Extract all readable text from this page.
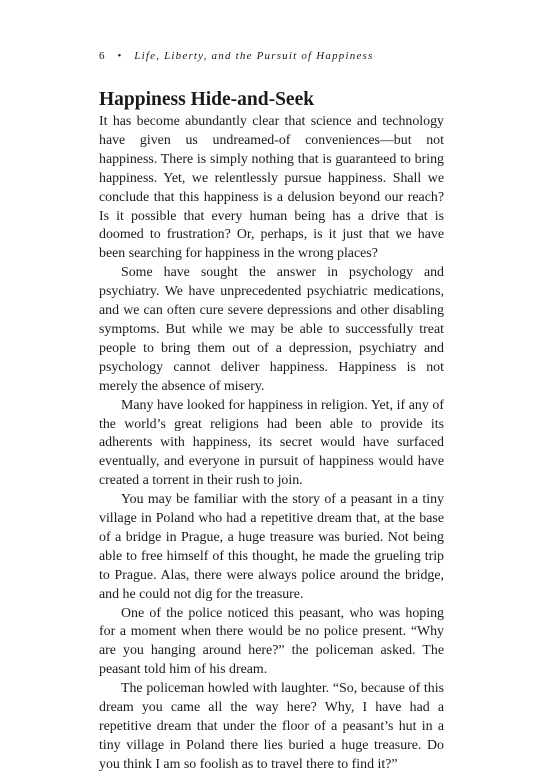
6 • Life, Liberty, and the Pursuit of Happiness
Happiness Hide-and-Seek

It has become abundantly clear that science and technology have given us undreamed-of conveniences—but not happiness. There is simply nothing that is guaranteed to bring happiness. Yet, we relentlessly pursue happiness. Shall we conclude that this happiness is a delusion beyond our reach? Is it possible that every human being has a drive that is doomed to frustration? Or, perhaps, is it just that we have been searching for happiness in the wrong places?

Some have sought the answer in psychology and psychiatry. We have unprecedented psychiatric medications, and we can often cure severe depressions and other disabling symptoms. But while we may be able to successfully treat people to bring them out of a depression, psychiatry and psychology cannot deliver happiness. Happiness is not merely the absence of misery.

Many have looked for happiness in religion. Yet, if any of the world’s great religions had been able to provide its adherents with happiness, its secret would have surfaced eventually, and everyone in pursuit of happiness would have created a torrent in their rush to join.

You may be familiar with the story of a peasant in a tiny village in Poland who had a repetitive dream that, at the base of a bridge in Prague, a huge treasure was buried. Not being able to free himself of this thought, he made the grueling trip to Prague. Alas, there were always police around the bridge, and he could not dig for the treasure.

One of the police noticed this peasant, who was hoping for a moment when there would be no police present. “Why are you hanging around here?” the policeman asked. The peasant told him of his dream.

The policeman howled with laughter. “So, because of this dream you came all the way here? Why, I have had a repetitive dream that under the floor of a peasant’s hut in a tiny village in Poland there lies buried a huge treasure. Do you think I am so foolish as to travel there to find it?”
